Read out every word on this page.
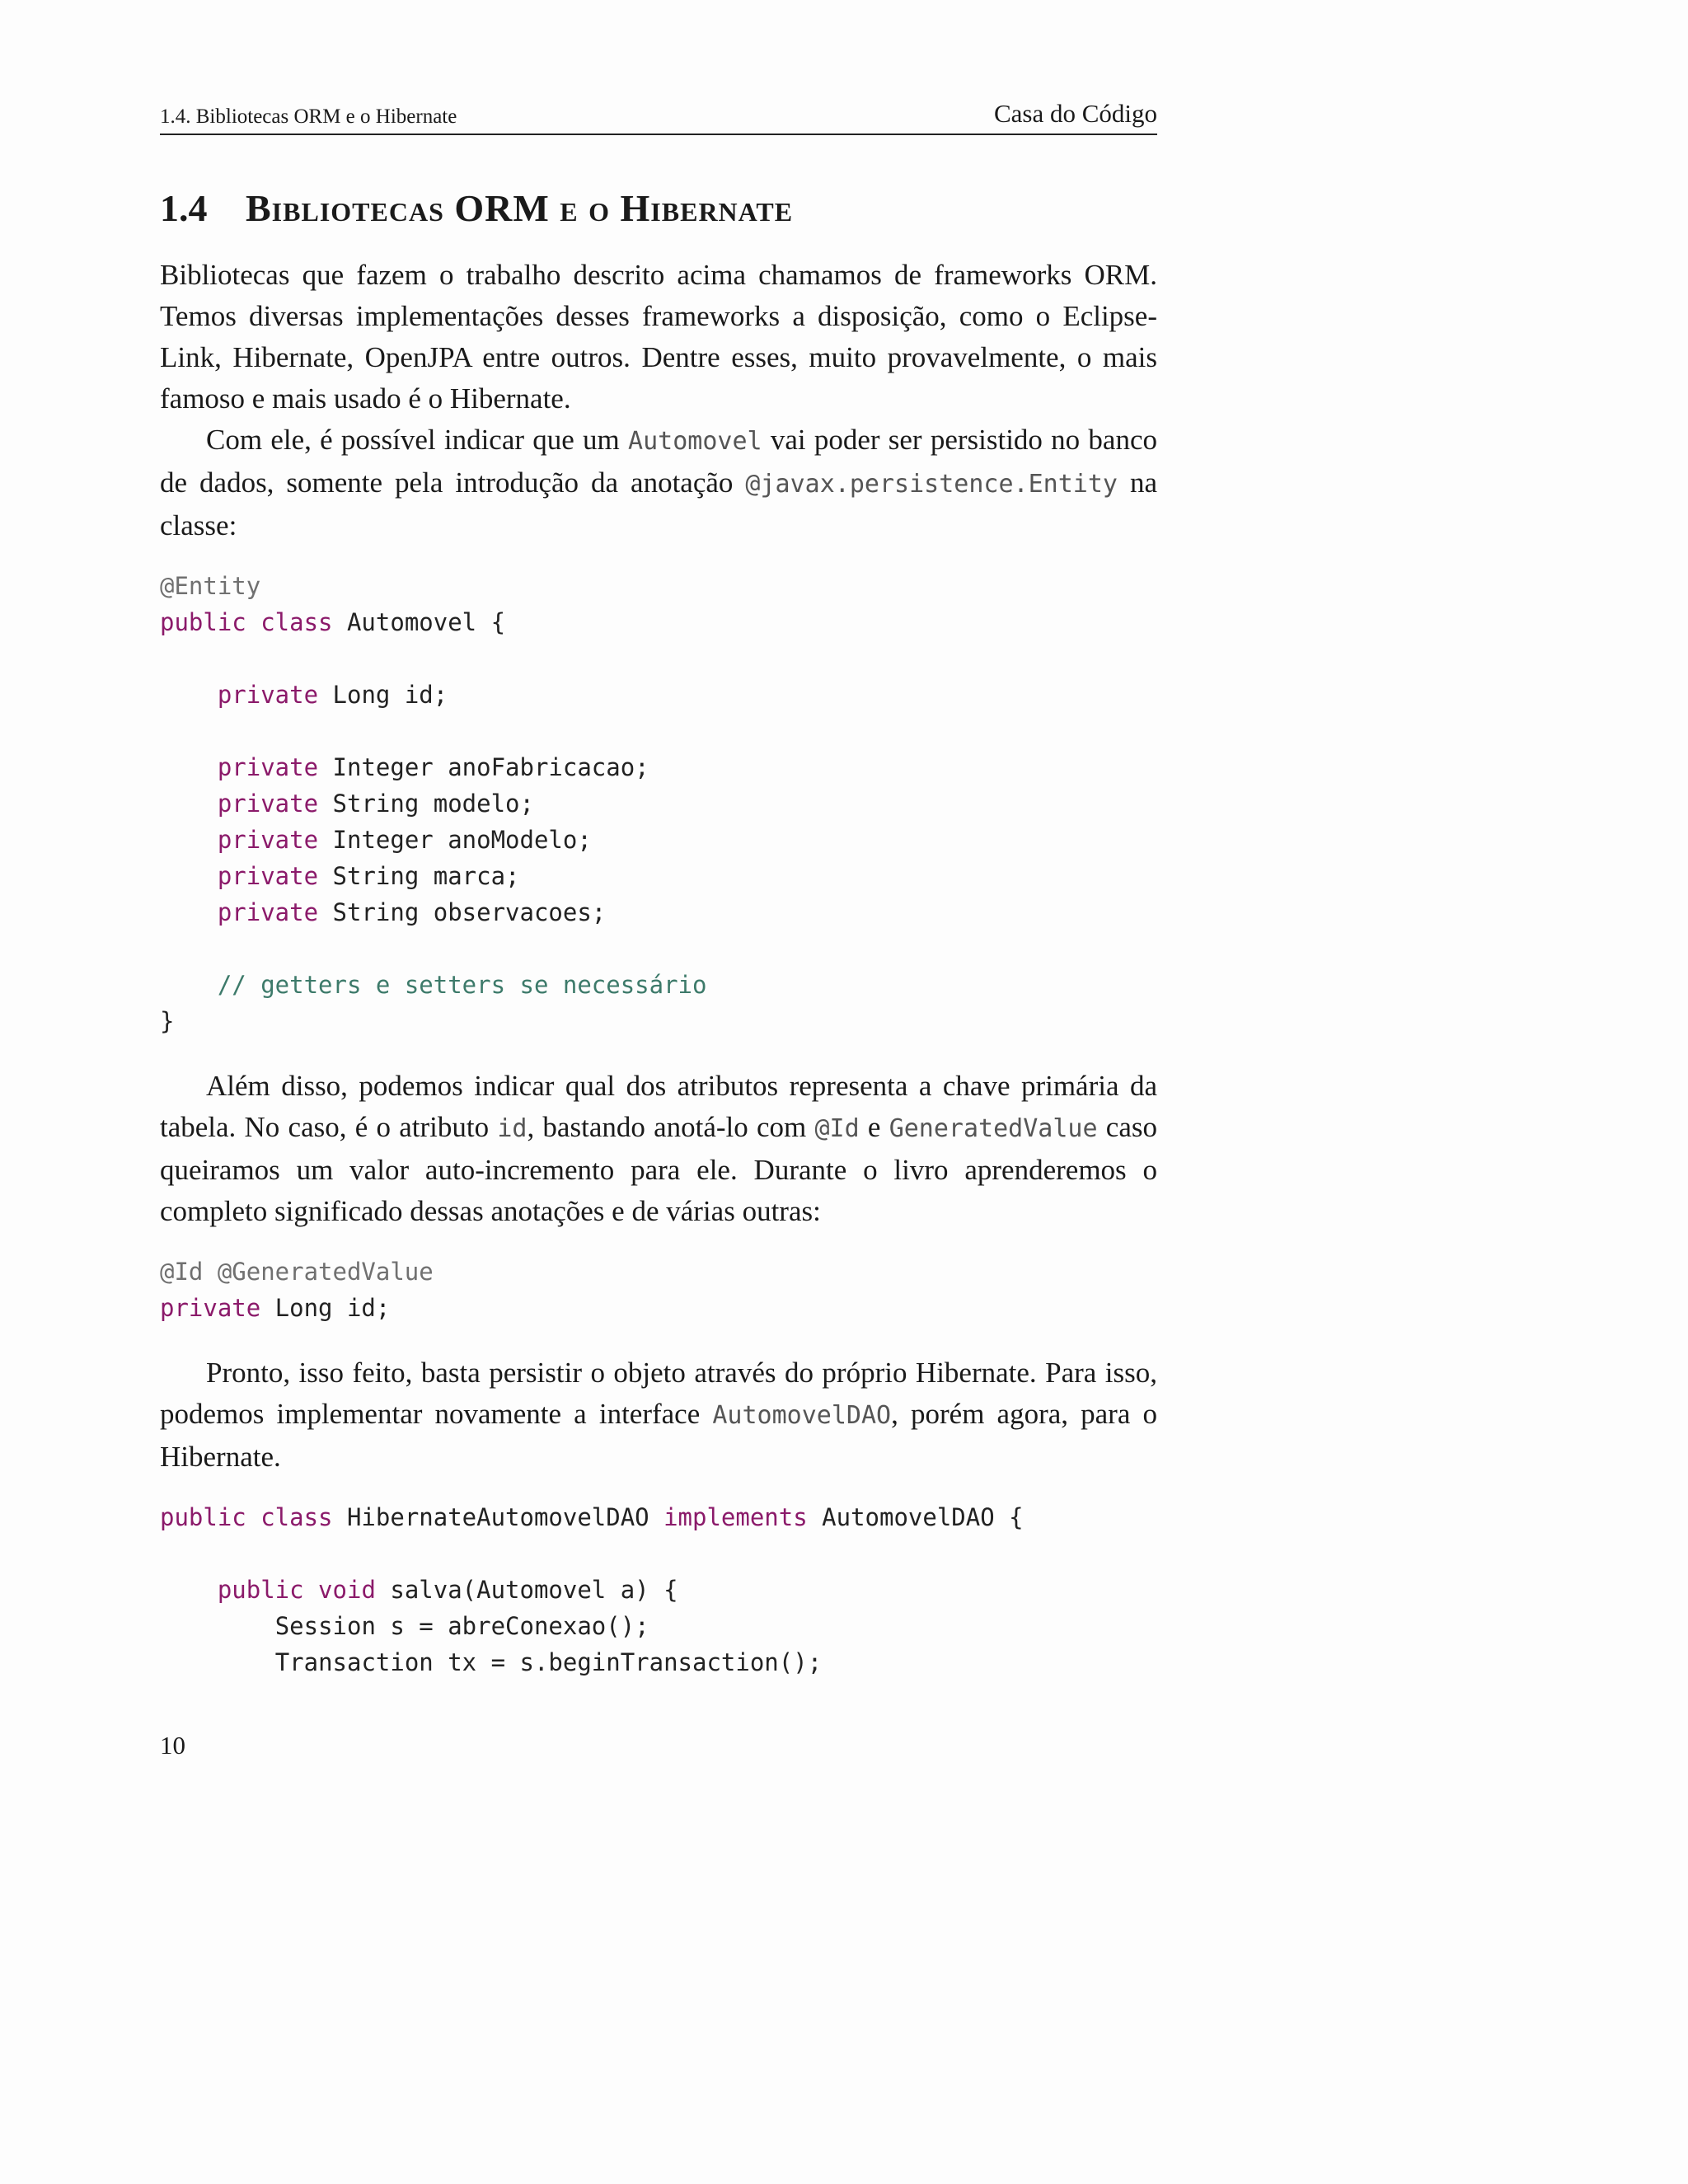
1.4. Bibliotecas ORM e o Hibernate	Casa do Código
1.4	Bibliotecas ORM e o Hibernate

Bibliotecas que fazem o trabalho descrito acima chamamos de frameworks ORM. Temos diversas implementações desses frameworks a disposição, como o Eclipse-Link, Hibernate, OpenJPA entre outros. Dentre esses, muito provavelmente, o mais famoso e mais usado é o Hibernate.

Com ele, é possível indicar que um Automovel vai poder ser persistido no banco de dados, somente pela introdução da anotação @javax.persistence.Entity na classe:

@Entity
public class Automovel {

private Long id;

private Integer anoFabricacao;
private String modelo;
private Integer anoModelo;
private String marca;
private String observacoes;

// getters e setters se necessário
}

Além disso, podemos indicar qual dos atributos representa a chave primária da tabela. No caso, é o atributo id, bastando anotá-lo com @Id e GeneratedValue caso queiramos um valor auto-incremento para ele. Durante o livro aprenderemos o completo significado dessas anotações e de várias outras:

@Id @GeneratedValue
private Long id;

Pronto, isso feito, basta persistir o objeto através do próprio Hibernate. Para isso, podemos implementar novamente a interface AutomovelDAO, porém agora, para o Hibernate.

public class HibernateAutomovelDAO implements AutomovelDAO {

public void salva(Automovel a) {
Session s = abreConexao();
Transaction tx = s.beginTransaction();
10
